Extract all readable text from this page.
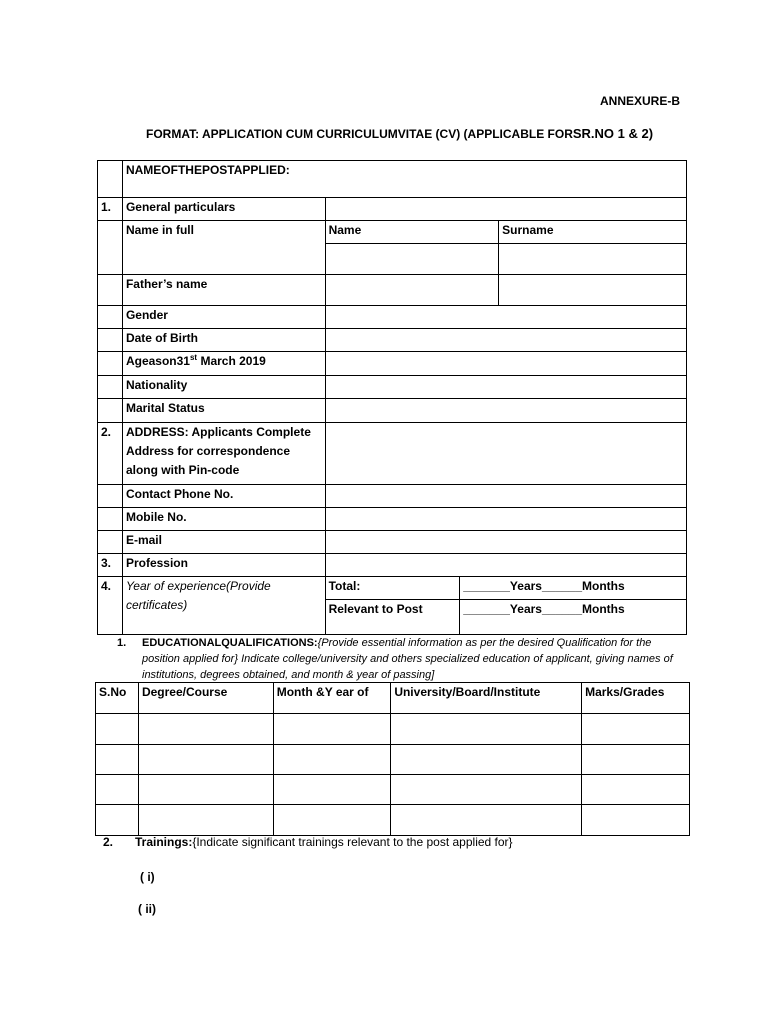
ANNEXURE-B
FORMAT: APPLICATION CUM CURRICULUMVITAE (CV) (APPLICABLE FORSR.NO 1 & 2)
	NAMEOFTHEPOSTAPPLIED:			
1.	General particulars			
	Name in full	Name		Surname

	Father’s name			
	Gender			
	Date of Birth			
	Ageason31st March 2019			
	Nationality			
	Marital Status			
2.	ADDRESS: Applicants Complete Address for correspondence along with Pin-code			
	Contact Phone No.			
	Mobile No.			
	E-mail			
3.	Profession			
4.	Year of experience(Provide certificates)	Total:	_______Years______Months	
		Relevant to Post	_______Years______Months	
1. EDUCATIONALQUALIFICATIONS:{Provide essential information as per the desired Qualification for the position applied for} Indicate college/university and others specialized education of applicant, giving names of institutions, degrees obtained, and month & year of passing]
S.No	Degree/Course	Month &Y ear of	University/Board/Institute	Marks/Grades

2. Trainings:{Indicate significant trainings relevant to the post applied for}
( i)
( ii)
